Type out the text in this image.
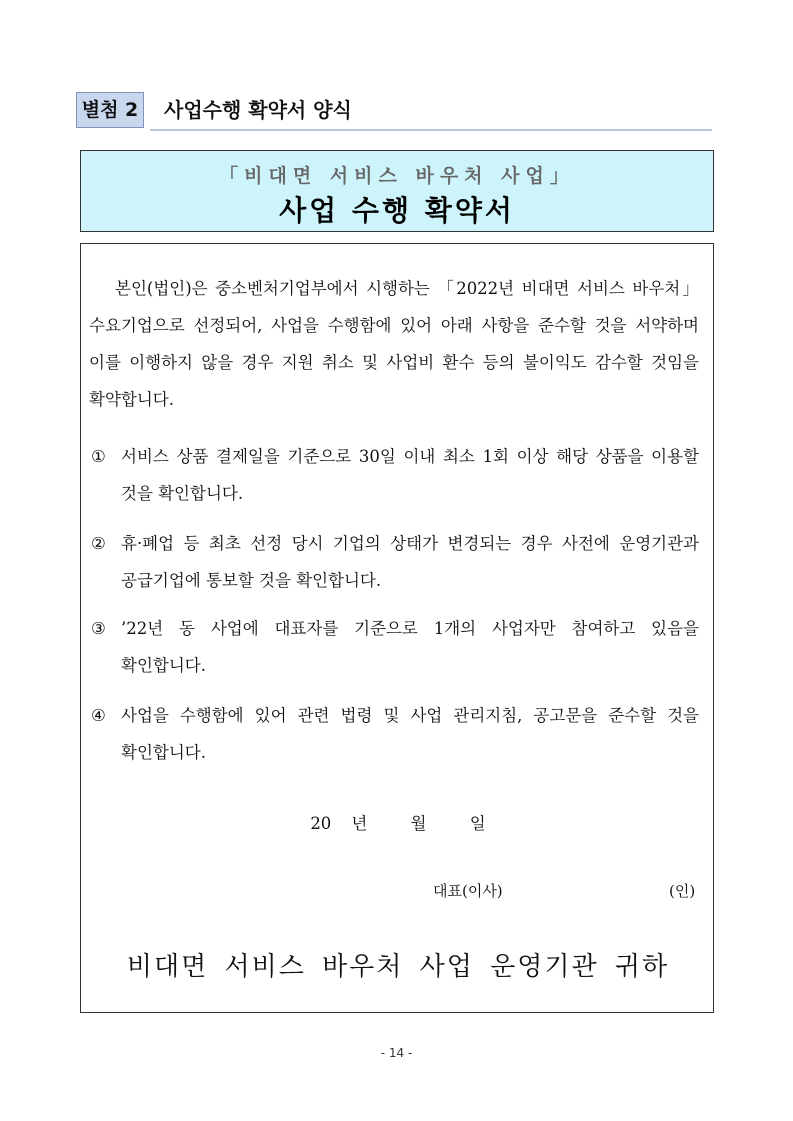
별첨 2 사업수행 확약서 양식
「비대면 서비스 바우처 사업」
사업 수행 확약서
본인(법인)은 중소벤처기업부에서 시행하는 「2022년 비대면 서비스 바우처」 수요기업으로 선정되어, 사업을 수행함에 있어 아래 사항을 준수할 것을 서약하며 이를 이행하지 않을 경우 지원 취소 및 사업비 환수 등의 불이익도 감수할 것임을 확약합니다.
① 서비스 상품 결제일을 기준으로 30일 이내 최소 1회 이상 해당 상품을 이용할 것을 확인합니다.
② 휴·폐업 등 최초 선정 당시 기업의 상태가 변경되는 경우 사전에 운영기관과 공급기업에 통보할 것을 확인합니다.
③ ’22년 동 사업에 대표자를 기준으로 1개의 사업자만 참여하고 있음을 확인합니다.
④ 사업을 수행함에 있어 관련 법령 및 사업 관리지침, 공고문을 준수할 것을 확인합니다.
20 년	월	일
대표(이사)	(인)
비대면 서비스 바우처 사업 운영기관 귀하
- 14 -
